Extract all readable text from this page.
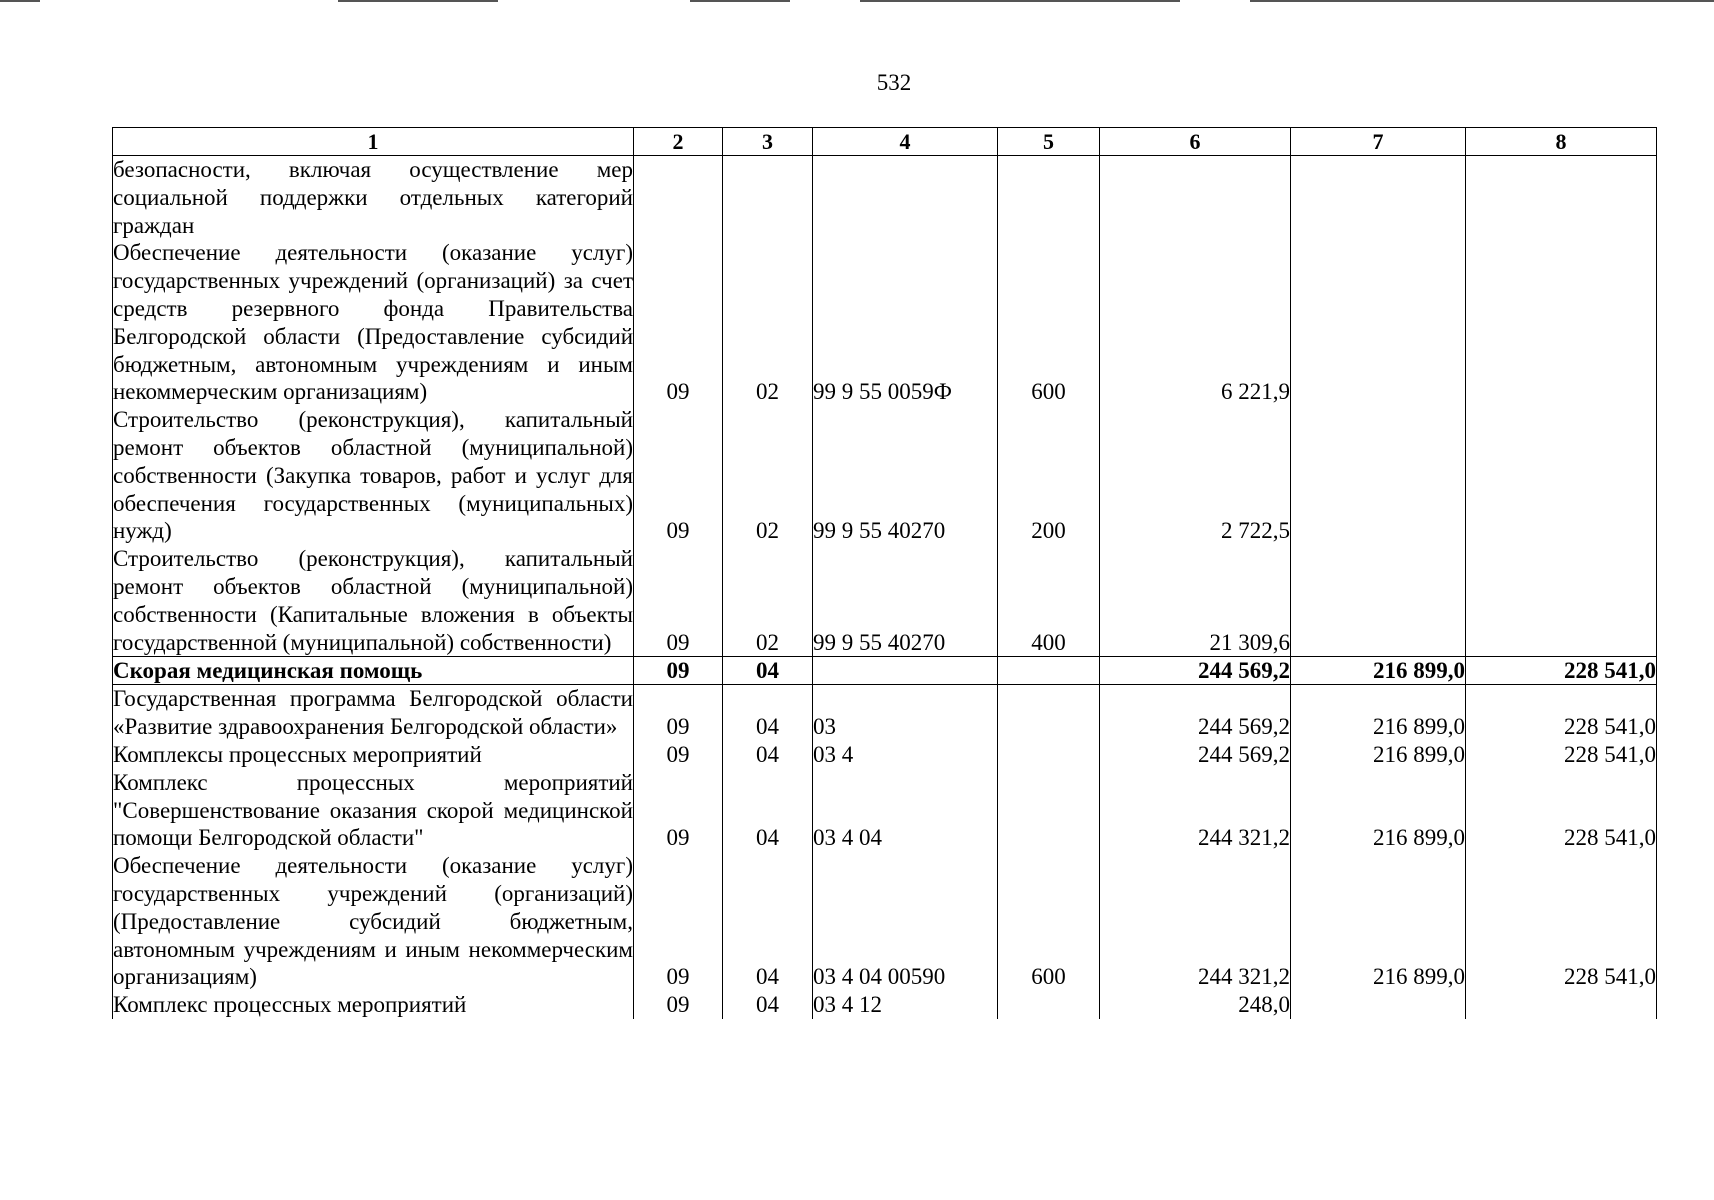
532
1	2	3	4	5	6	7	8
безопасности, включая осуществление мер социальной поддержки отдельных категорий граждан							
Обеспечение деятельности (оказание услуг) государственных учреждений (организаций) за счет средств резервного фонда Правительства Белгородской области (Предоставление субсидий бюджетным, автономным учреждениям и иным некоммерческим организациям)	09	02	99 9 55 0059Ф	600	6 221,9		
Строительство (реконструкция), капитальный ремонт объектов областной (муниципальной) собственности (Закупка товаров, работ и услуг для обеспечения государственных (муниципальных) нужд)	09	02	99 9 55 40270	200	2 722,5		
Строительство (реконструкция), капитальный ремонт объектов областной (муниципальной) собственности (Капитальные вложения в объекты государственной (муниципальной) собственности)	09	02	99 9 55 40270	400	21 309,6		
Скорая медицинская помощь	09	04			244 569,2	216 899,0	228 541,0
Государственная программа Белгородской области «Развитие здравоохранения Белгородской области»	09	04	03		244 569,2	216 899,0	228 541,0
Комплексы процессных мероприятий	09	04	03 4		244 569,2	216 899,0	228 541,0
Комплекс процессных мероприятий "Совершенствование оказания скорой медицинской помощи Белгородской области"	09	04	03 4 04		244 321,2	216 899,0	228 541,0
Обеспечение деятельности (оказание услуг) государственных учреждений (организаций) (Предоставление субсидий бюджетным, автономным учреждениям и иным некоммерческим организациям)	09	04	03 4 04 00590	600	244 321,2	216 899,0	228 541,0
Комплекс процессных мероприятий	09	04	03 4 12		248,0		
